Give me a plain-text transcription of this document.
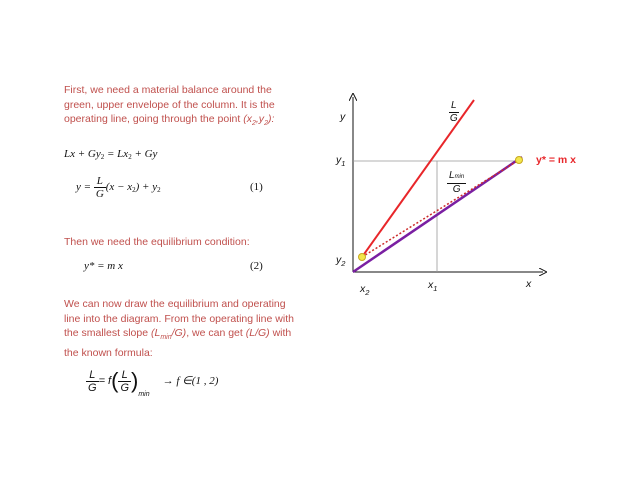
First, we need a material balance around the green, upper envelope of the column. It is the operating line, going through the point $(x_2,y_2)$:
$Lx + Gy_2 = Lx_2 + Gy$
$y = \frac{L}{G} (x - x_2) + y_2$	(1)
Then we need the equilibrium condition:
y* = m x	(2)
We can now draw the equilibrium and operating line into the diagram. From the operating line with the smallest slope $(L_{min}/G)$, we can get (L/G) with the known formula:
$\frac{L}{G} = f( \frac{L}{G} )_{min} \to f$ ∈(1 , 2)
y
x
$y_1$
$y_2$
$x_1$
$x_2$
$\frac{L}{G}$
Lmin
G
y* = m x
